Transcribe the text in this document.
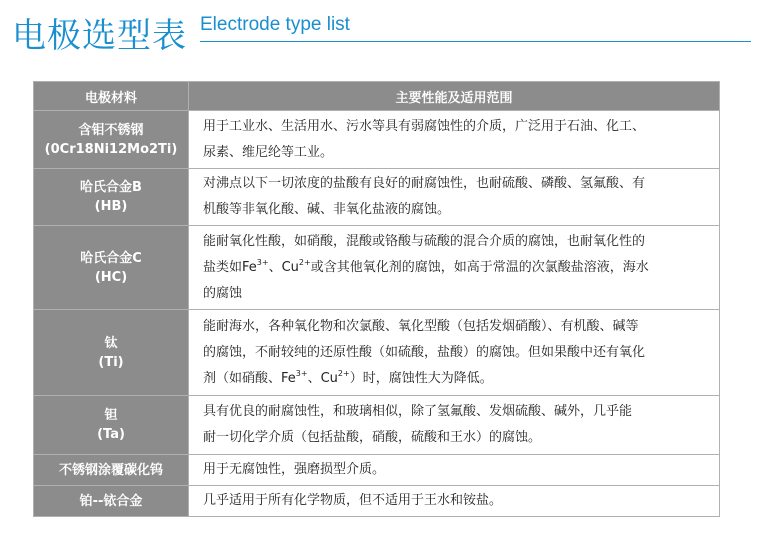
电极选型表 Electrode type list
电极材料	主要性能及适用范围

含钼不锈钢
(0Cr18Ni12Mo2Ti)	用于工业水、生活用水、污水等具有弱腐蚀性的介质，广泛用于石油、化工、
尿素、维尼纶等工业。

哈氏合金B
(HB)	对沸点以下一切浓度的盐酸有良好的耐腐蚀性，也耐硫酸、磷酸、氢氟酸、有
机酸等非氧化酸、碱、非氧化盐液的腐蚀。

哈氏合金C
(HC)	能耐氧化性酸，如硝酸，混酸或铬酸与硫酸的混合介质的腐蚀，也耐氧化性的
盐类如$Fe^{3+}$、$Cu^{2+}$或含其他氧化剂的腐蚀，如高于常温的次氯酸盐溶液，海水
的腐蚀

钛
(Ti)	能耐海水，各种氧化物和次氯酸、氧化型酸（包括发烟硝酸）、有机酸、碱等
的腐蚀，不耐较纯的还原性酸（如硫酸，盐酸）的腐蚀。但如果酸中还有氧化
剂（如硝酸、$Fe^{3+}$、$Cu^{2+}$）时，腐蚀性大为降低。

钽
(Ta)	具有优良的耐腐蚀性，和玻璃相似，除了氢氟酸、发烟硫酸、碱外，几乎能
耐一切化学介质（包括盐酸，硝酸，硫酸和王水）的腐蚀。

不锈钢涂覆碳化钨	用于无腐蚀性，强磨损型介质。

铂--铱合金	几乎适用于所有化学物质，但不适用于王水和铵盐。
